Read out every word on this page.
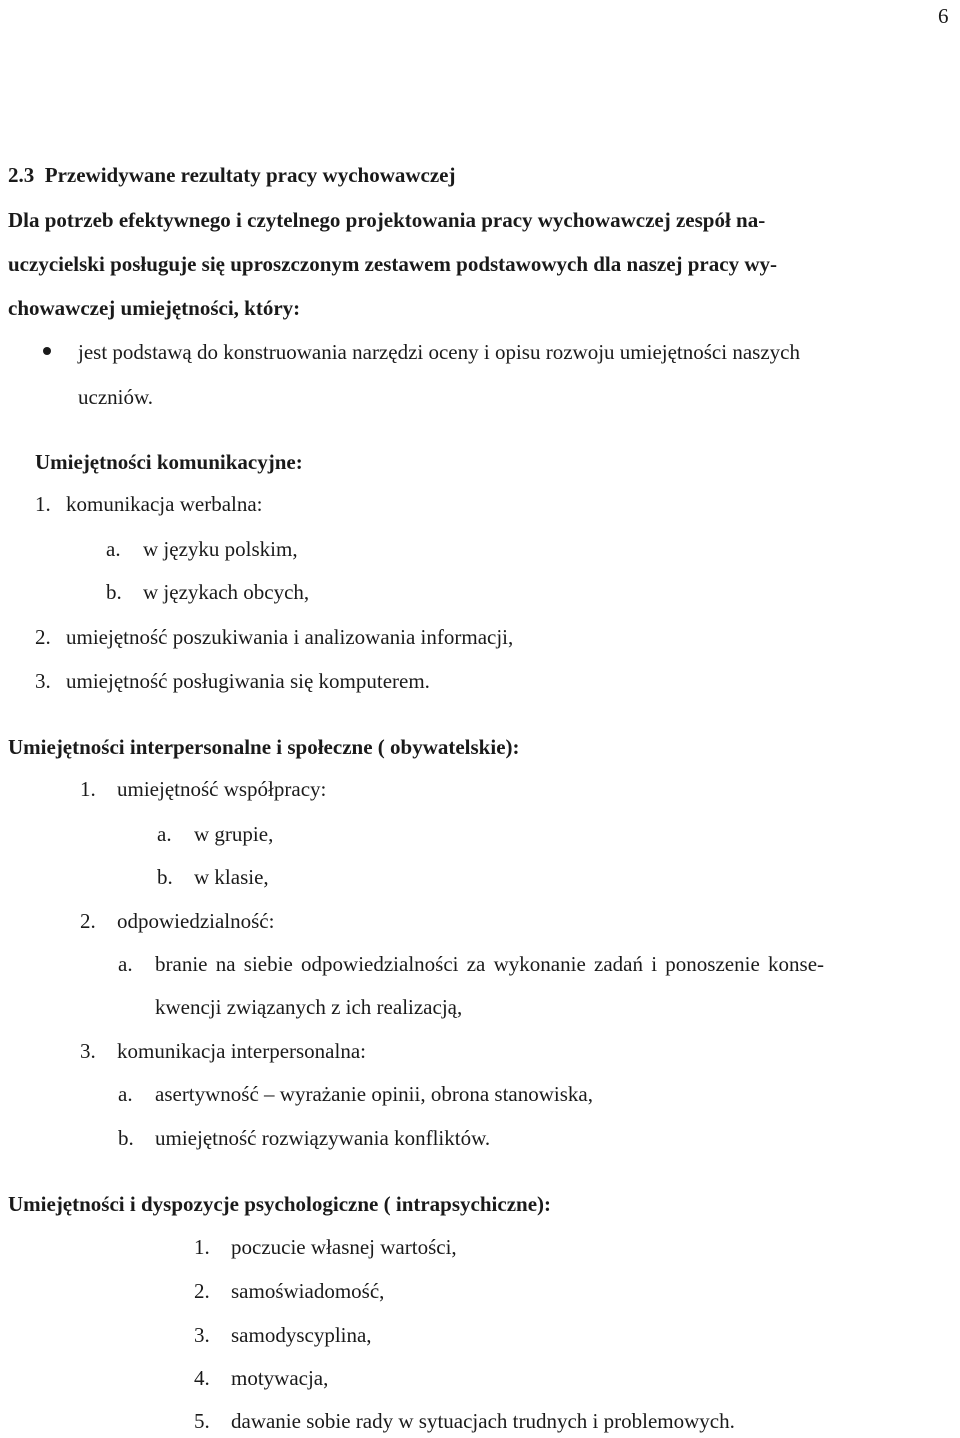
6
2.3 Przewidywane rezultaty pracy wychowawczej
Dla potrzeb efektywnego i czytelnego projektowania pracy wychowawczej zespół na-
uczycielski posługuje się uproszczonym zestawem podstawowych dla naszej pracy wy-
chowawczej umiejętności, który:
jest podstawą do konstruowania narzędzi oceny i opisu rozwoju umiejętności naszych
uczniów.
Umiejętności komunikacyjne:
1. komunikacja werbalna:
a. w języku polskim,
b. w językach obcych,
2. umiejętność poszukiwania i analizowania informacji,
3. umiejętność posługiwania się komputerem.
Umiejętności interpersonalne i społeczne ( obywatelskie):
1. umiejętność współpracy:
a. w grupie,
b. w klasie,
2. odpowiedzialność:
a. branie na siebie odpowiedzialności za wykonanie zadań i ponoszenie konse-
kwencji związanych z ich realizacją,
3. komunikacja interpersonalna:
a. asertywność – wyrażanie opinii, obrona stanowiska,
b. umiejętność rozwiązywania konfliktów.
Umiejętności i dyspozycje psychologiczne ( intrapsychiczne):
1. poczucie własnej wartości,
2. samoświadomość,
3. samodyscyplina,
4. motywacja,
5. dawanie sobie rady w sytuacjach trudnych i problemowych.
